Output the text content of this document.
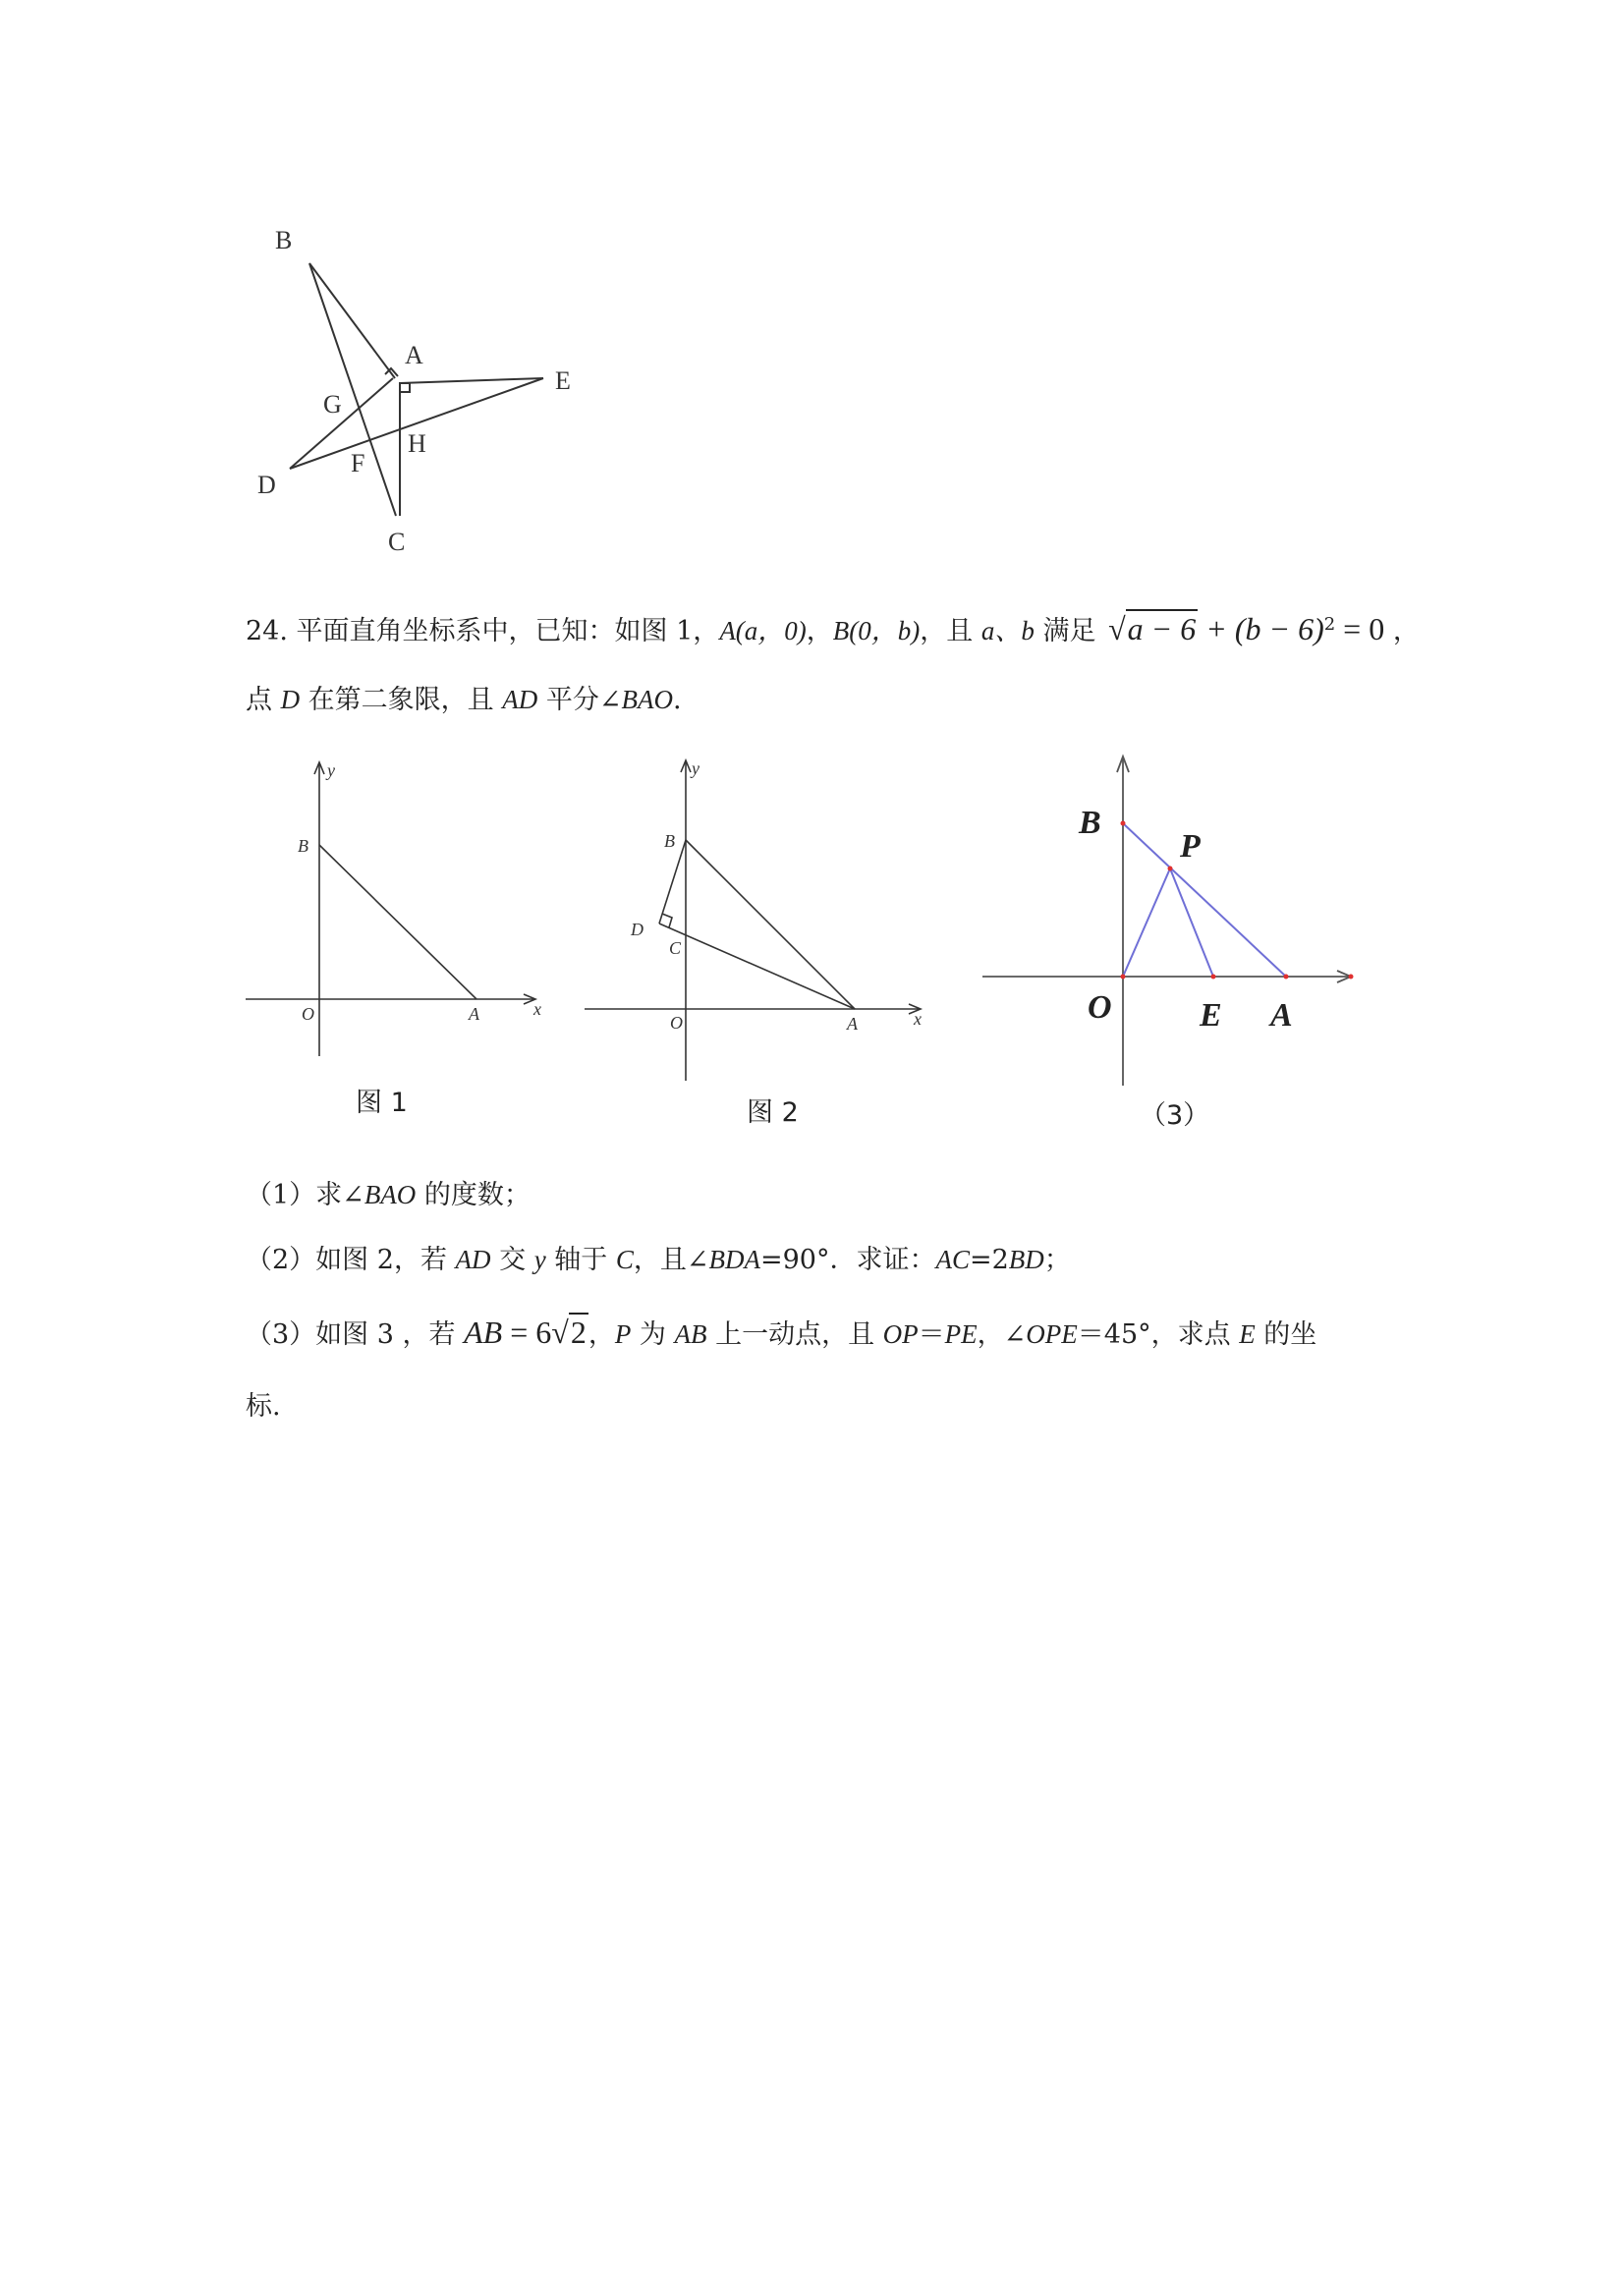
B
A
E
G
H
D
F
C
24. 平面直角坐标系中，已知：如图 1，A(a，0)，B(0，b)，且 a、b 满足 $√a - 6 + (b - 6)^2 = 0$ ，
点 D 在第二象限，且 AD 平分∠BAO.
y
x
B
O	A
图 1
y
x
B
D
C
O	A
图 2
B
P
O	E A
（3）
（1）求∠BAO 的度数；
（2）如图 2，若 AD 交 y 轴于 C，且∠BDA=90°．求证：AC=2BD；
（3）如图 3 ，若 AB = 6√2，P 为 AB 上一动点，且 OP＝PE，∠OPE＝45°，求点 E 的坐
标.
